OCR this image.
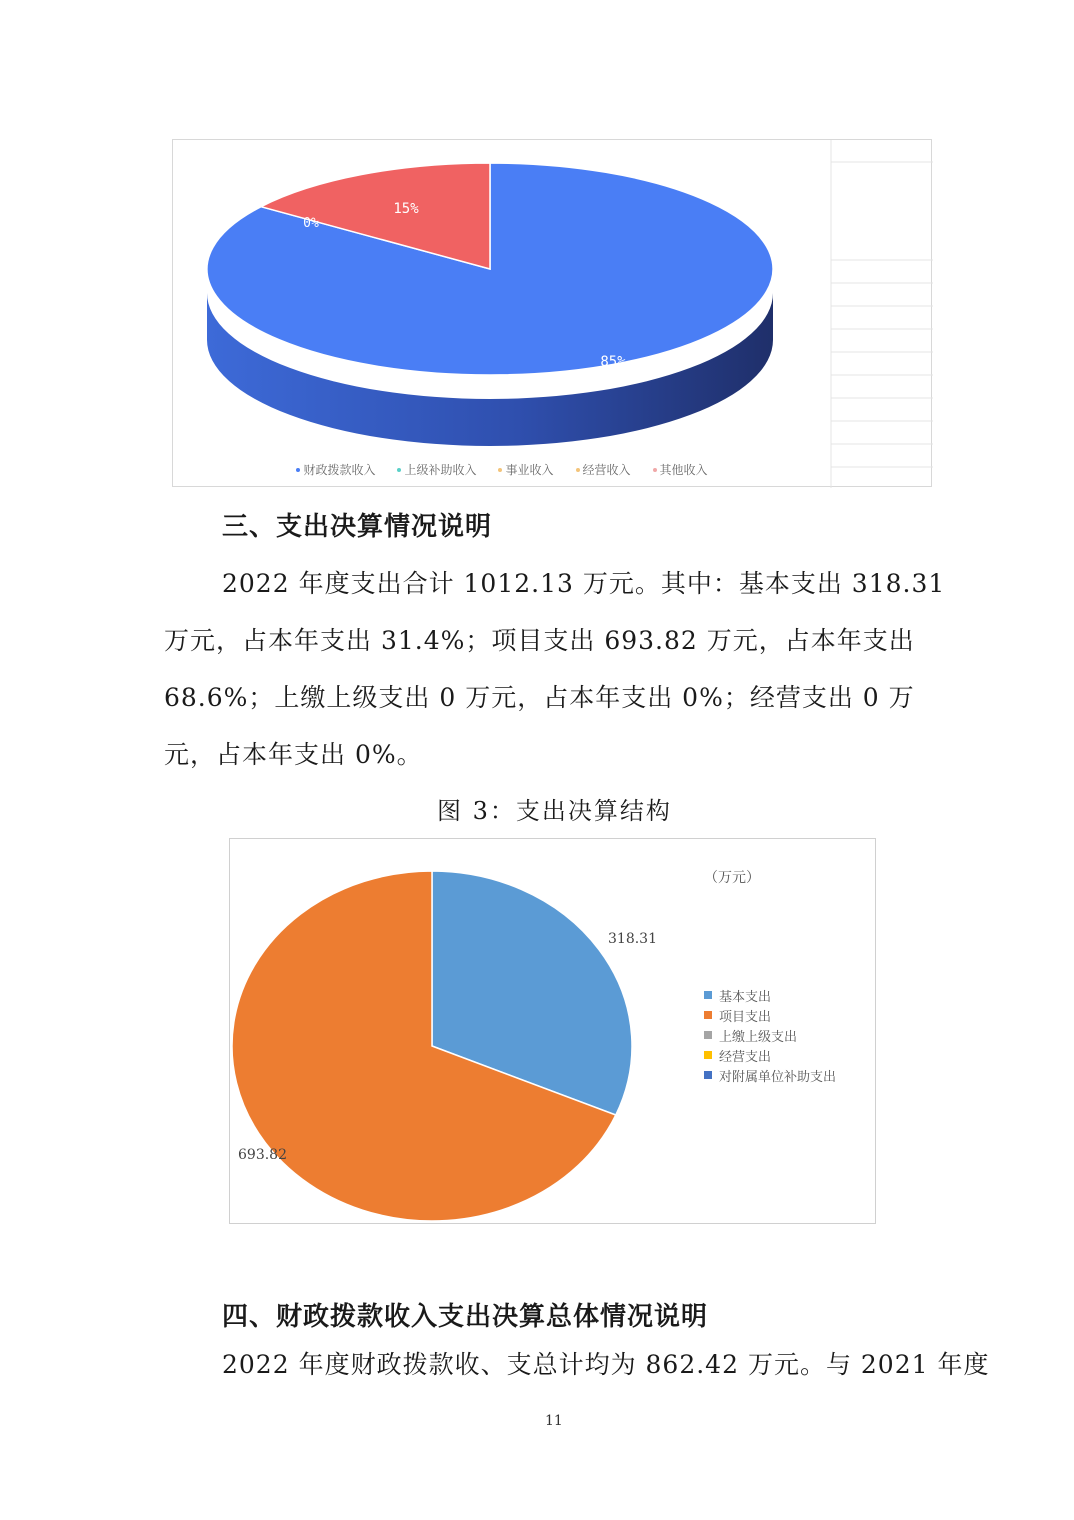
15%
0%
85%
财政拨款收入 上级补助收入 事业收入 经营收入 其他收入
三、支出决算情况说明
2022 年度支出合计 1012.13 万元。其中：基本支出 318.31
万元，占本年支出 31.4%；项目支出 693.82 万元，占本年支出
68.6%；上缴上级支出 0 万元，占本年支出 0%；经营支出 0 万
元，占本年支出 0%。
图 3：支出决算结构
（万元）
318.31
693.82
基本支出
项目支出
上缴上级支出
经营支出
对附属单位补助支出
四、财政拨款收入支出决算总体情况说明
2022 年度财政拨款收、支总计均为 862.42 万元。与 2021 年度
11
